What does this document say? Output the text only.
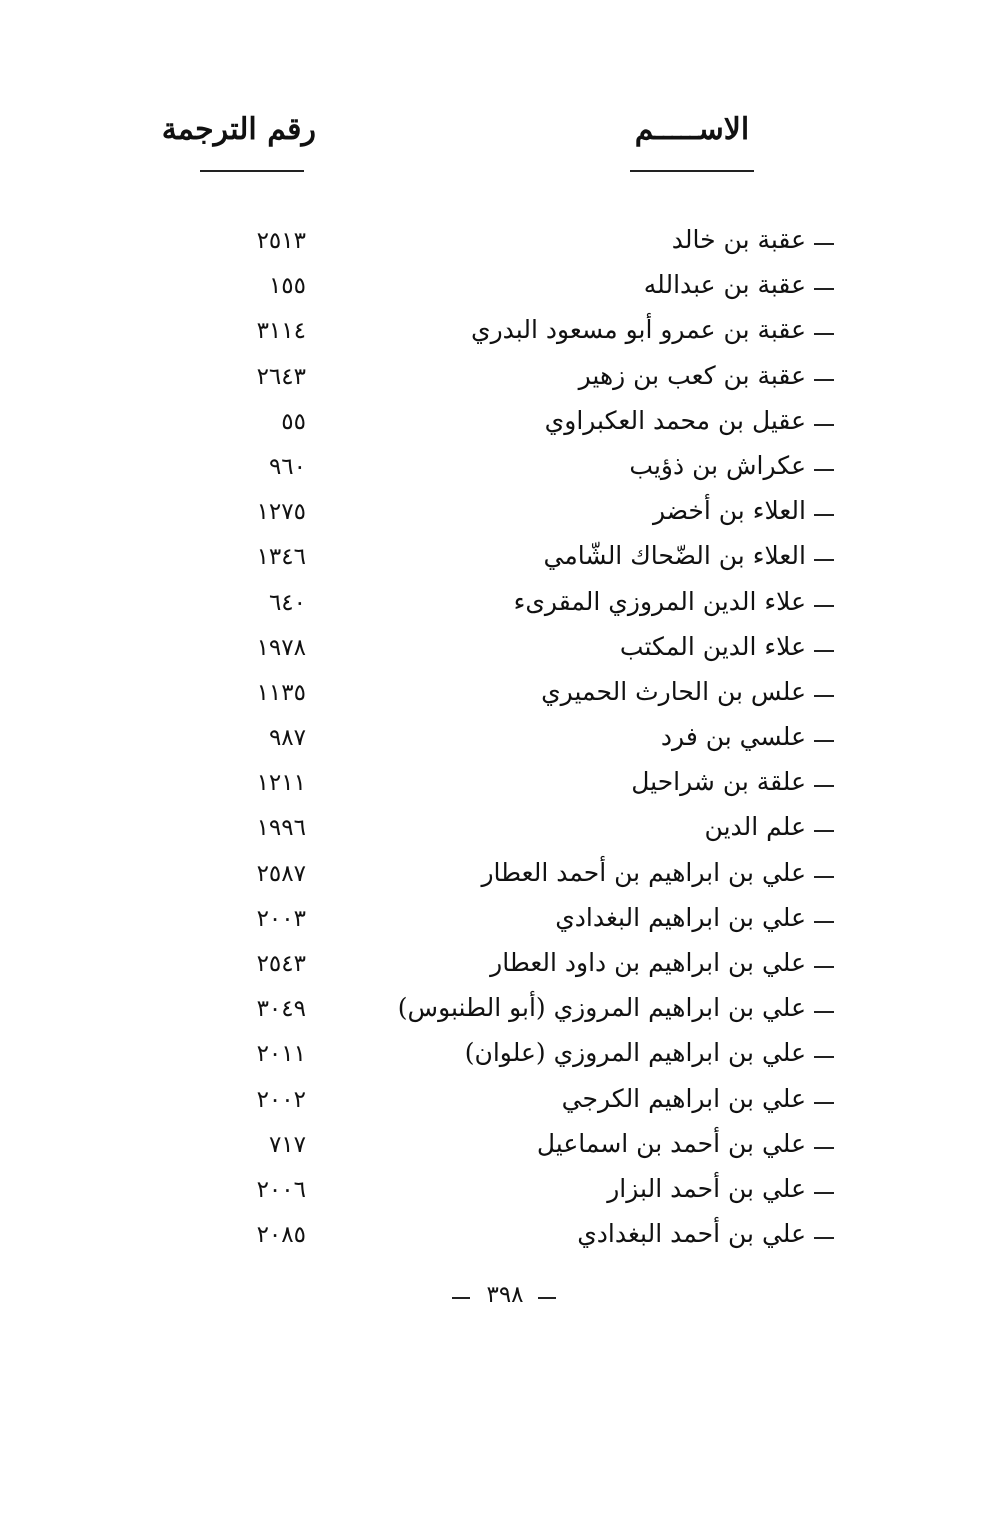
الاســـــم
رقم الترجمة
عقبة بن خالد
٢٥١٣
عقبة بن عبدالله
١٥٥
عقبة بن عمرو أبو مسعود البدري
٣١١٤
عقبة بن كعب بن زهير
٢٦٤٣
عقيل بن محمد العكبراوي
٥٥
عكراش بن ذؤيب
٩٦٠
العلاء بن أخضر
١٢٧٥
العلاء بن الضّحاك الشّامي
١٣٤٦
علاء الدين المروزي المقرىء
٦٤٠
علاء الدين المكتب
١٩٧٨
علس بن الحارث الحميري
١١٣٥
علسي بن فرد
٩٨٧
علقة بن شراحيل
١٢١١
علم الدين
١٩٩٦
علي بن ابراهيم بن أحمد العطار
٢٥٨٧
علي بن ابراهيم البغدادي
٢٠٠٣
علي بن ابراهيم بن داود العطار
٢٥٤٣
علي بن ابراهيم المروزي (أبو الطنبوس)
٣٠٤٩
علي بن ابراهيم المروزي (علوان)
٢٠١١
علي بن ابراهيم الكرجي
٢٠٠٢
علي بن أحمد بن اسماعيل
٧١٧
علي بن أحمد البزار
٢٠٠٦
علي بن أحمد البغدادي
٢٠٨٥
٣٩٨
